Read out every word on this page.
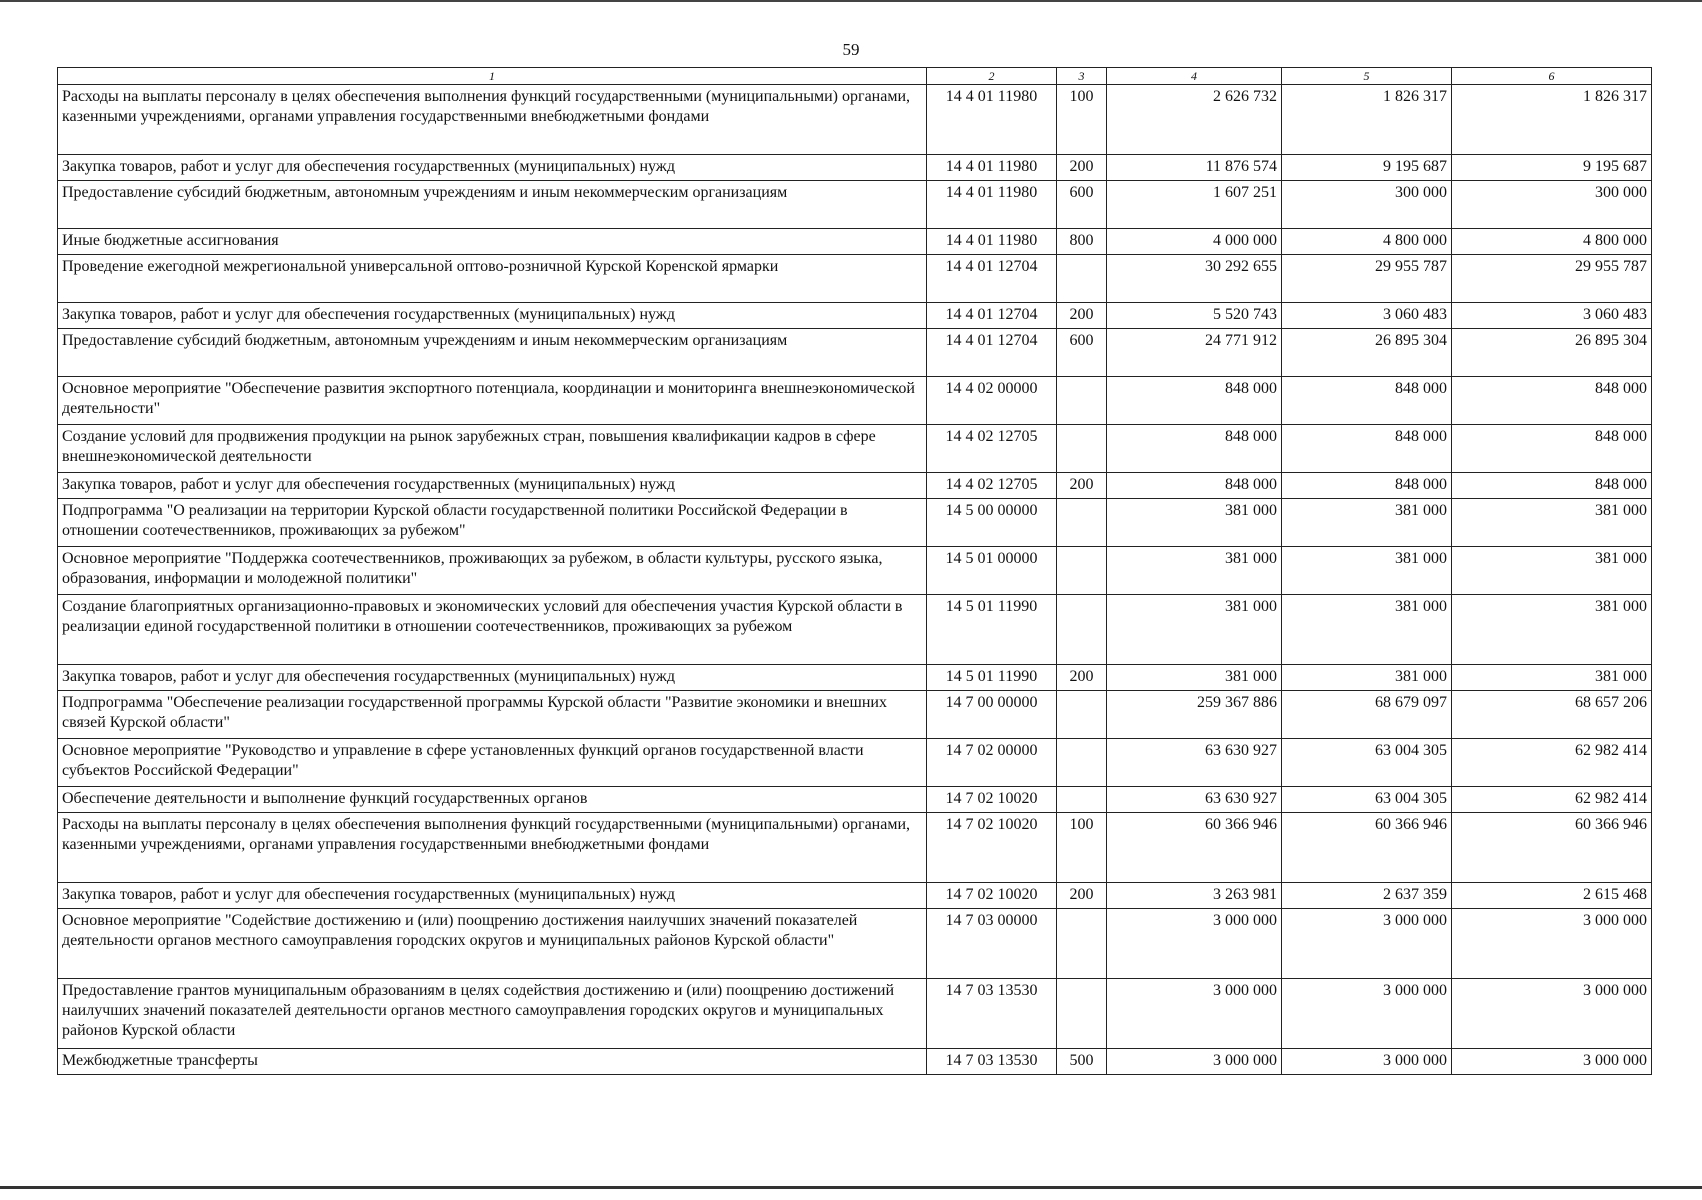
59
1	2	3	4	5	6
Расходы на выплаты персоналу в целях обеспечения выполнения функций государственными (муниципальными) органами, казенными учреждениями, органами управления государственными внебюджетными фондами	14 4 01 11980	100	2 626 732	1 826 317	1 826 317
Закупка товаров, работ и услуг для обеспечения государственных (муниципальных) нужд	14 4 01 11980	200	11 876 574	9 195 687	9 195 687
Предоставление субсидий бюджетным, автономным учреждениям и иным некоммерческим организациям	14 4 01 11980	600	1 607 251	300 000	300 000
Иные бюджетные ассигнования	14 4 01 11980	800	4 000 000	4 800 000	4 800 000
Проведение ежегодной межрегиональной универсальной оптово-розничной Курской Коренской ярмарки	14 4 01 12704		30 292 655	29 955 787	29 955 787
Закупка товаров, работ и услуг для обеспечения государственных (муниципальных) нужд	14 4 01 12704	200	5 520 743	3 060 483	3 060 483
Предоставление субсидий бюджетным, автономным учреждениям и иным некоммерческим организациям	14 4 01 12704	600	24 771 912	26 895 304	26 895 304
Основное мероприятие "Обеспечение развития экспортного потенциала, координации и мониторинга внешнеэкономической деятельности"	14 4 02 00000		848 000	848 000	848 000
Создание условий для продвижения продукции на рынок зарубежных стран, повышения квалификации кадров в сфере внешнеэкономической деятельности	14 4 02 12705		848 000	848 000	848 000
Закупка товаров, работ и услуг для обеспечения государственных (муниципальных) нужд	14 4 02 12705	200	848 000	848 000	848 000
Подпрограмма "О реализации на территории Курской области государственной политики Российской Федерации в отношении соотечественников, проживающих за рубежом"	14 5 00 00000		381 000	381 000	381 000
Основное мероприятие "Поддержка соотечественников, проживающих за рубежом, в области культуры, русского языка, образования, информации и молодежной политики"	14 5 01 00000		381 000	381 000	381 000
Создание благоприятных организационно-правовых и экономических условий для обеспечения участия Курской области в реализации единой государственной политики в отношении соотечественников, проживающих за рубежом	14 5 01 11990		381 000	381 000	381 000
Закупка товаров, работ и услуг для обеспечения государственных (муниципальных) нужд	14 5 01 11990	200	381 000	381 000	381 000
Подпрограмма "Обеспечение реализации государственной программы Курской области "Развитие экономики и внешних связей Курской области"	14 7 00 00000		259 367 886	68 679 097	68 657 206
Основное мероприятие "Руководство и управление в сфере установленных функций органов государственной власти субъектов Российской Федерации"	14 7 02 00000		63 630 927	63 004 305	62 982 414
Обеспечение деятельности и выполнение функций государственных органов	14 7 02 10020		63 630 927	63 004 305	62 982 414
Расходы на выплаты персоналу в целях обеспечения выполнения функций государственными (муниципальными) органами, казенными учреждениями, органами управления государственными внебюджетными фондами	14 7 02 10020	100	60 366 946	60 366 946	60 366 946
Закупка товаров, работ и услуг для обеспечения государственных (муниципальных) нужд	14 7 02 10020	200	3 263 981	2 637 359	2 615 468
Основное мероприятие "Содействие достижению и (или) поощрению достижения наилучших значений показателей деятельности органов местного самоуправления городских округов и муниципальных районов Курской области"	14 7 03 00000		3 000 000	3 000 000	3 000 000
Предоставление грантов муниципальным образованиям в целях содействия достижению и (или) поощрению достижений наилучших значений показателей деятельности органов местного самоуправления городских округов и муниципальных районов Курской области	14 7 03 13530		3 000 000	3 000 000	3 000 000
Межбюджетные трансферты	14 7 03 13530	500	3 000 000	3 000 000	3 000 000
